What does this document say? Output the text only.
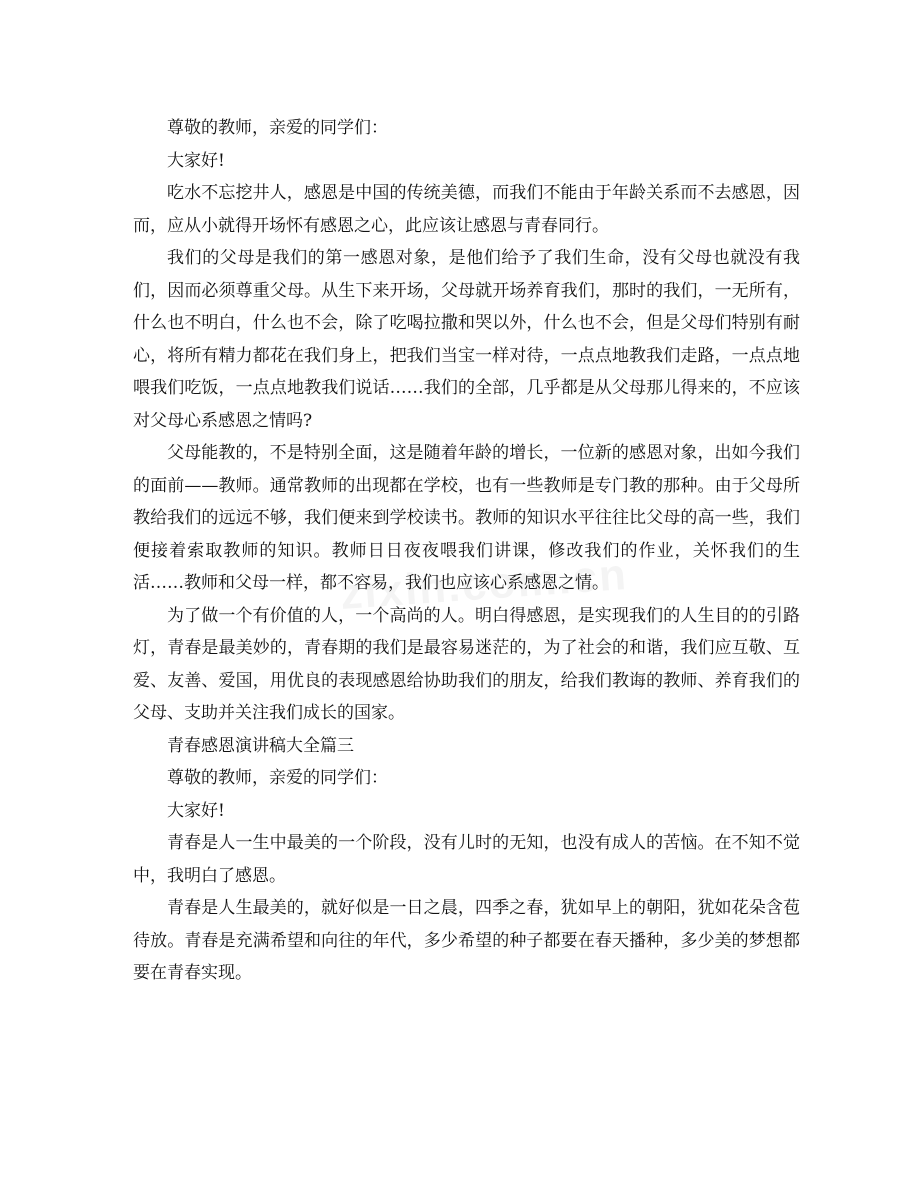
尊敬的教师，亲爱的同学们：

大家好!

吃水不忘挖井人，感恩是中国的传统美德，而我们不能由于年龄关系而不去感恩，因而，应从小就得开场怀有感恩之心，此应该让感恩与青春同行。

我们的父母是我们的第一感恩对象，是他们给予了我们生命，没有父母也就没有我们，因而必须尊重父母。从生下来开场，父母就开场养育我们，那时的我们，一无所有，什么也不明白，什么也不会，除了吃喝拉撒和哭以外，什么也不会，但是父母们特别有耐心，将所有精力都花在我们身上，把我们当宝一样对待，一点点地教我们走路，一点点地喂我们吃饭，一点点地教我们说话……我们的全部，几乎都是从父母那儿得来的，不应该对父母心系感恩之情吗?

父母能教的，不是特别全面，这是随着年龄的增长，一位新的感恩对象，出如今我们的面前——教师。通常教师的出现都在学校，也有一些教师是专门教的那种。由于父母所教给我们的远远不够，我们便来到学校读书。教师的知识水平往往比父母的高一些，我们便接着索取教师的知识。教师日日夜夜喂我们讲课，修改我们的作业，关怀我们的生活……教师和父母一样，都不容易，我们也应该心系感恩之情。

为了做一个有价值的人，一个高尚的人。明白得感恩，是实现我们的人生目的的引路灯，青春是最美妙的，青春期的我们是最容易迷茫的，为了社会的和谐，我们应互敬、互爱、友善、爱国，用优良的表现感恩给协助我们的朋友，给我们教诲的教师、养育我们的父母、支助并关注我们成长的国家。

青春感恩演讲稿大全篇三

尊敬的教师，亲爱的同学们：

大家好!

青春是人一生中最美的一个阶段，没有儿时的无知，也没有成人的苦恼。在不知不觉中，我明白了感恩。

青春是人生最美的，就好似是一日之晨，四季之春，犹如早上的朝阳，犹如花朵含苞待放。青春是充满希望和向往的年代，多少希望的种子都要在春天播种，多少美的梦想都要在青春实现。
